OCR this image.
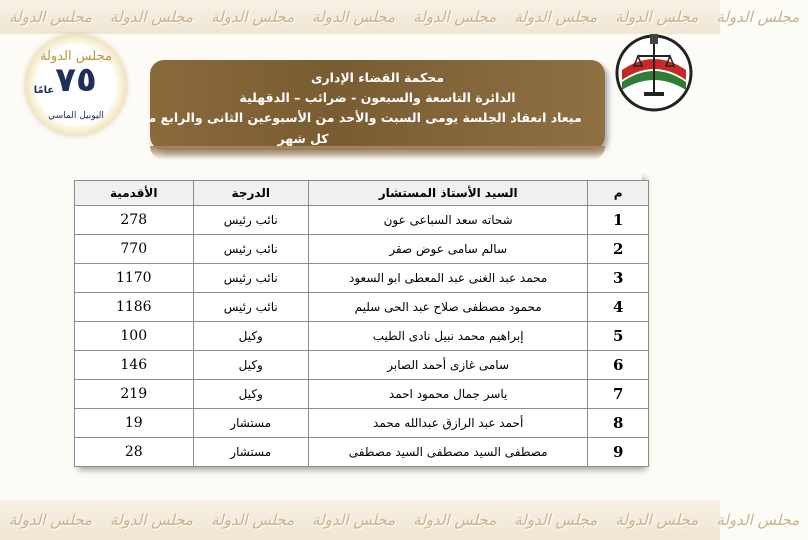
مجلس الدولة	مجلس الدولة	مجلس الدولة	مجلس الدولة	مجلس الدولة	مجلس الدولة	مجلس الدولة	مجلس الدولة
مجلس الدولة
٧٥
عامًا
اليوبيل الماسي
محكمة القضاء الإدارى
الدائرة التاسعة والسبعون - ضرائب – الدقهلية
ميعاد انعقاد الجلسة يومى السبت والأحد من الأسبوعين الثانى والرابع من
كل شهر
م	السيد الأستاذ المستشار	الدرجة	الأقدمية
1	شحاته سعد السباعى عون	نائب رئيس	278
2	سالم سامى عوض صقر	نائب رئيس	770
3	محمد عبد الغنى عبد المعطى ابو السعود	نائب رئيس	1170
4	محمود مصطفى صلاح عبد الحى سليم	نائب رئيس	1186
5	إبراهيم محمد نبيل نادى الطيب	وكيل	100
6	سامى غازى أحمد الصابر	وكيل	146
7	ياسر جمال محمود احمد	وكيل	219
8	أحمد عبد الرازق عبدالله محمد	مستشار	19
9	مصطفى السيد مصطفى السيد مصطفى	مستشار	28
مجلس الدولة	مجلس الدولة	مجلس الدولة	مجلس الدولة	مجلس الدولة	مجلس الدولة	مجلس الدولة	مجلس الدولة
